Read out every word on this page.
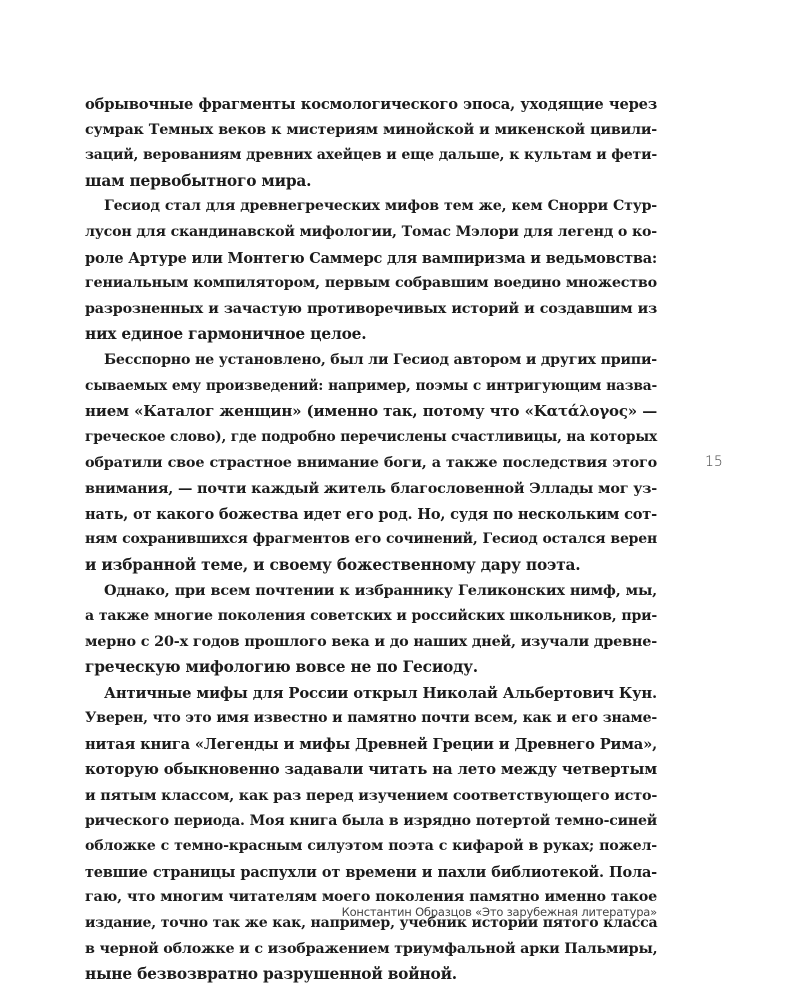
обрывочные фрагменты космологического эпоса, уходящие через
сумрак Темных веков к мистериям минойской и микенской цивили-
заций, верованиям древних ахейцев и еще дальше, к культам и фети-
шам первобытного мира.
Гесиод стал для древнегреческих мифов тем же, кем Снорри Стур-
лусон для скандинавской мифологии, Томас Мэлори для легенд о ко-
роле Артуре или Монтегю Саммерс для вампиризма и ведьмовства:
гениальным компилятором, первым собравшим воедино множество
разрозненных и зачастую противоречивых историй и создавшим из
них единое гармоничное целое.
Бесспорно не установлено, был ли Гесиод автором и других припи-
сываемых ему произведений: например, поэмы с интригующим назва-
нием «Каталог женщин» (именно так, потому что «Κατάλογος» —
греческое слово), где подробно перечислены счастливицы, на которых
обратили свое страстное внимание боги, а также последствия этого
внимания, — почти каждый житель благословенной Эллады мог уз-
нать, от какого божества идет его род. Но, судя по нескольким сот-
ням сохранившихся фрагментов его сочинений, Гесиод остался верен
и избранной теме, и своему божественному дару поэта.
Однако, при всем почтении к избраннику Геликонских нимф, мы,
а также многие поколения советских и российских школьников, при-
мерно с 20-х годов прошлого века и до наших дней, изучали древне-
греческую мифологию вовсе не по Гесиоду.
Античные мифы для России открыл Николай Альбертович Кун.
Уверен, что это имя известно и памятно почти всем, как и его знаме-
нитая книга «Легенды и мифы Древней Греции и Древнего Рима»,
которую обыкновенно задавали читать на лето между четвертым
и пятым классом, как раз перед изучением соответствующего исто-
рического периода. Моя книга была в изрядно потертой темно-синей
обложке с темно-красным силуэтом поэта с кифарой в руках; пожел-
тевшие страницы распухли от времени и пахли библиотекой. Пола-
гаю, что многим читателям моего поколения памятно именно такое
издание, точно так же как, например, учебник истории пятого класса
в черной обложке и с изображением триумфальной арки Пальмиры,
ныне безвозвратно разрушенной войной.
15
Константин Образцов «Это зарубежная литература»
